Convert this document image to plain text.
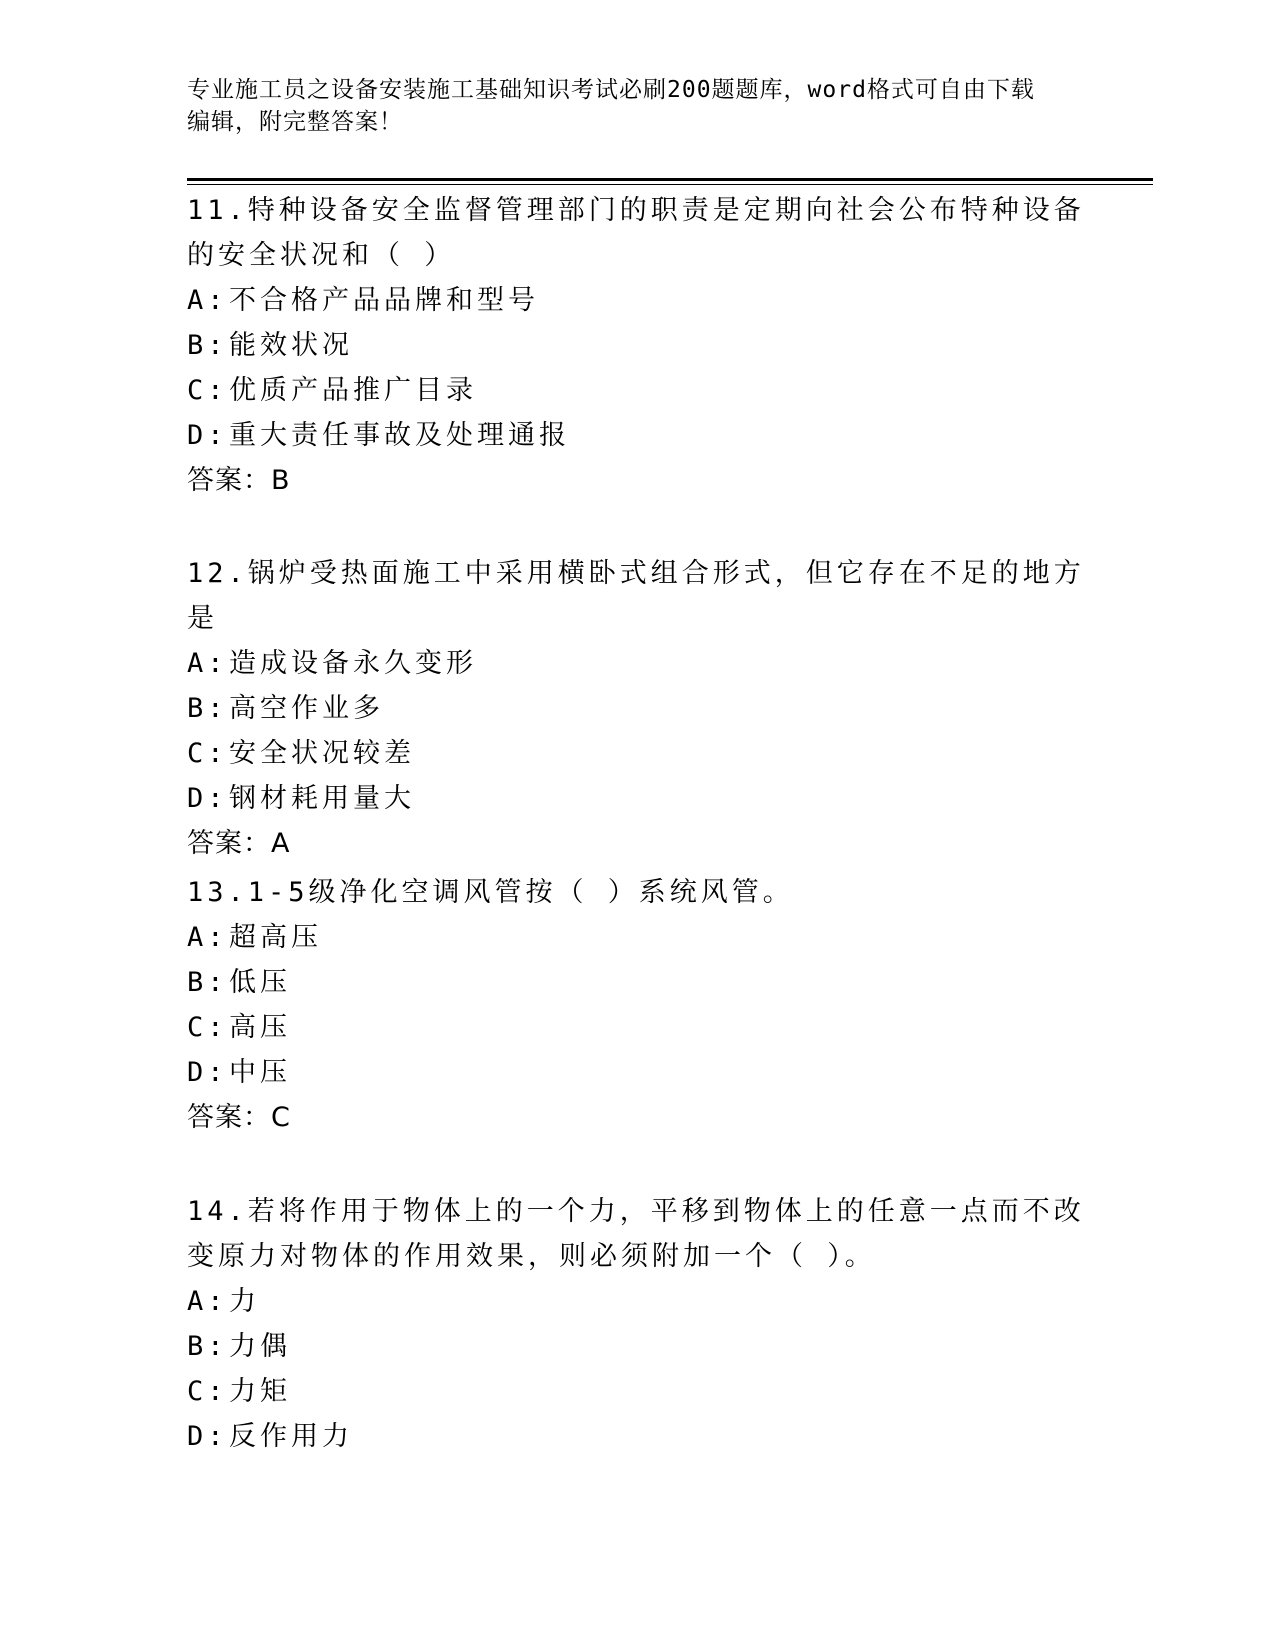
专业施工员之设备安装施工基础知识考试必刷200题题库，word格式可自由下载

编辑，附完整答案！

11.特种设备安全监督管理部门的职责是定期向社会公布特种设备的安全状况和（ ）

A:不合格产品品牌和型号

B:能效状况

C:优质产品推广目录

D:重大责任事故及处理通报

答案：B

12.锅炉受热面施工中采用横卧式组合形式，但它存在不足的地方是

A:造成设备永久变形

B:高空作业多

C:安全状况较差

D:钢材耗用量大

答案：A

13.1-5级净化空调风管按（ ）系统风管。

A:超高压

B:低压

C:高压

D:中压

答案：C

14.若将作用于物体上的一个力，平移到物体上的任意一点而不改变原力对物体的作用效果，则必须附加一个（ ）。

A:力

B:力偶

C:力矩

D:反作用力
